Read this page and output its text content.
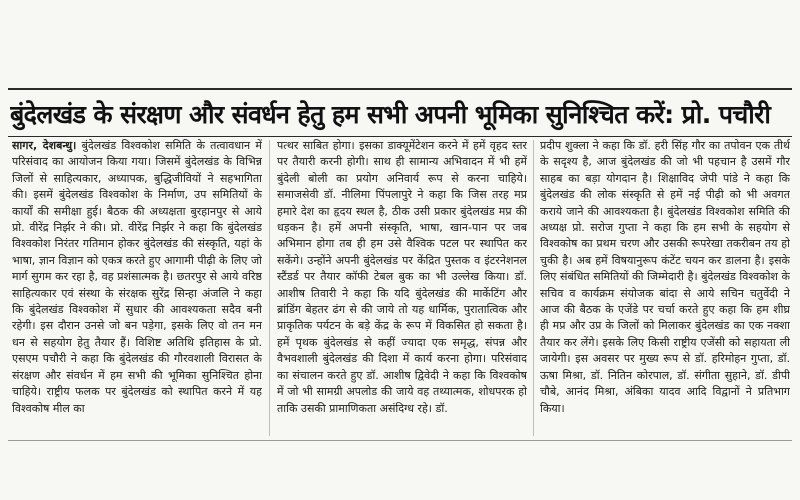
बुंदेलखंड के संरक्षण और संवर्धन हेतु हम सभी अपनी भूमिका सुनिश्चित करें: प्रो. पचौरी

सागर, देशबन्धु। बुंदेलखंड विश्वकोश समिति के तत्वावधान में परिसंवाद का आयोजन किया गया। जिसमें बुंदेलखंड के विभिन्न जिलों से साहित्यकार, अध्यापक, बुद्धिजीवियों ने सहभागिता की। इसमें बुंदेलखंड विश्वकोश के निर्माण, उप समितियों के कार्यों की समीक्षा हुई। बैठक की अध्यक्षता बुरहानपुर से आये प्रो. वीरेंद्र निर्झर ने की। प्रो. वीरेंद्र निर्झर ने कहा कि बुंदेलखंड विश्वकोश निरंतर गतिमान होकर बुंदेलखंड की संस्कृति, यहां के भाषा, ज्ञान विज्ञान को एकत्र करते हुए आगामी पीढ़ी के लिए जो मार्ग सुगम कर रहा है, वह प्रशंसात्मक है। छतरपुर से आये वरिष्ठ साहित्यकार एवं संस्था के संरक्षक सुरेंद्र सिन्हा अंजलि ने कहा कि बुंदेलखंड विश्वकोश में सुधार की आवश्यकता सदैव बनी रहेगी। इस दौरान उनसे जो बन पड़ेगा, इसके लिए वो तन मन धन से सहयोग हेतु तैयार हैं। विशिष्ट अतिथि इतिहास के प्रो. एसएम पचौरी ने कहा कि बुंदेलखंड की गौरवशाली विरासत के संरक्षण और संवर्धन में हम सभी की भूमिका सुनिश्चित होना चाहिये। राष्ट्रीय फलक पर बुंदेलखंड को स्थापित करने में यह विश्वकोष मील का

पत्थर साबित होगा। इसका डाक्यूमेंटेशन करने में हमें वृहद स्तर पर तैयारी करनी होगी। साथ ही सामान्य अभिवादन में भी हमें बुंदेली बोली का प्रयोग अनिवार्य रूप से करना चाहिये। समाजसेवी डॉ. नीलिमा पिंपलापुरे ने कहा कि जिस तरह मप्र हमारे देश का हृदय स्थल है, ठीक उसी प्रकार बुंदेलखंड मप्र की धड़कन है। हमें अपनी संस्कृति, भाषा, खान-पान पर जब अभिमान होगा तब ही हम उसे वैश्विक पटल पर स्थापित कर सकेंगे। उन्होंने अपनी बुंदेलखंड पर केंद्रित पुस्तक व इंटरनेशनल स्टैंडर्ड पर तैयार कॉफी टेबल बुक का भी उल्लेख किया। डॉ. आशीष तिवारी ने कहा कि यदि बुंदेलखंड की मार्केटिंग और ब्रांडिंग बेहतर ढंग से की जाये तो यह धार्मिक, पुरातात्विक और प्राकृतिक पर्यटन के बड़े केंद्र के रूप में विकसित हो सकता है। हमें पृथक बुंदेलखंड से कहीं ज्यादा एक समृद्ध, संपन्न और वैभवशाली बुंदेलखंड की दिशा में कार्य करना होगा। परिसंवाद का संचालन करते हुए डॉ. आशीष द्विवेदी ने कहा कि विश्वकोष में जो भी सामग्री अपलोड की जाये वह तथ्यात्मक, शोधपरक हो ताकि उसकी प्रामाणिकता असंदिग्ध रहे। डॉ.

प्रदीप शुक्ला ने कहा कि डॉ. हरी सिंह गौर का तपोवन एक तीर्थ के सदृश्य है, आज बुंदेलखंड की जो भी पहचान है उसमें गौर साहब का बड़ा योगदान है। शिक्षाविद जेपी पांडे ने कहा कि बुंदेलखंड की लोक संस्कृति से हमें नई पीढ़ी को भी अवगत कराये जाने की आवश्यकता है। बुंदेलखंड विश्वकोश समिति की अध्यक्ष प्रो. सरोज गुप्ता ने कहा कि हम सभी के सहयोग से विश्वकोष का प्रथम चरण और उसकी रूपरेखा तकरीबन तय हो चुकी है। अब हमें विषयानुरूप कंटेंट चयन कर डालना है। इसके लिए संबंधित समितियों की जिम्मेदारी है। बुंदेलखंड विश्वकोश के सचिव व कार्यक्रम संयोजक बांदा से आये सचिन चतुर्वेदी ने आज की बैठक के एजेंडे पर चर्चा करते हुए कहा कि हम शीघ्र ही मप्र और उप्र के जिलों को मिलाकर बुंदेलखंड का एक नक्शा तैयार कर लेंगे। इसके लिए किसी राष्ट्रीय एजेंसी को सहायता ली जायेगी। इस अवसर पर मुख्य रूप से डॉ. हरिमोहन गुप्ता, डॉ. ऊषा मिश्रा, डॉ. नितिन कोरपाल, डॉ. संगीता सुहाने, डॉ. डीपी चौबे, आनंद मिश्रा, अंबिका यादव आदि विद्वानों ने प्रतिभाग किया।
